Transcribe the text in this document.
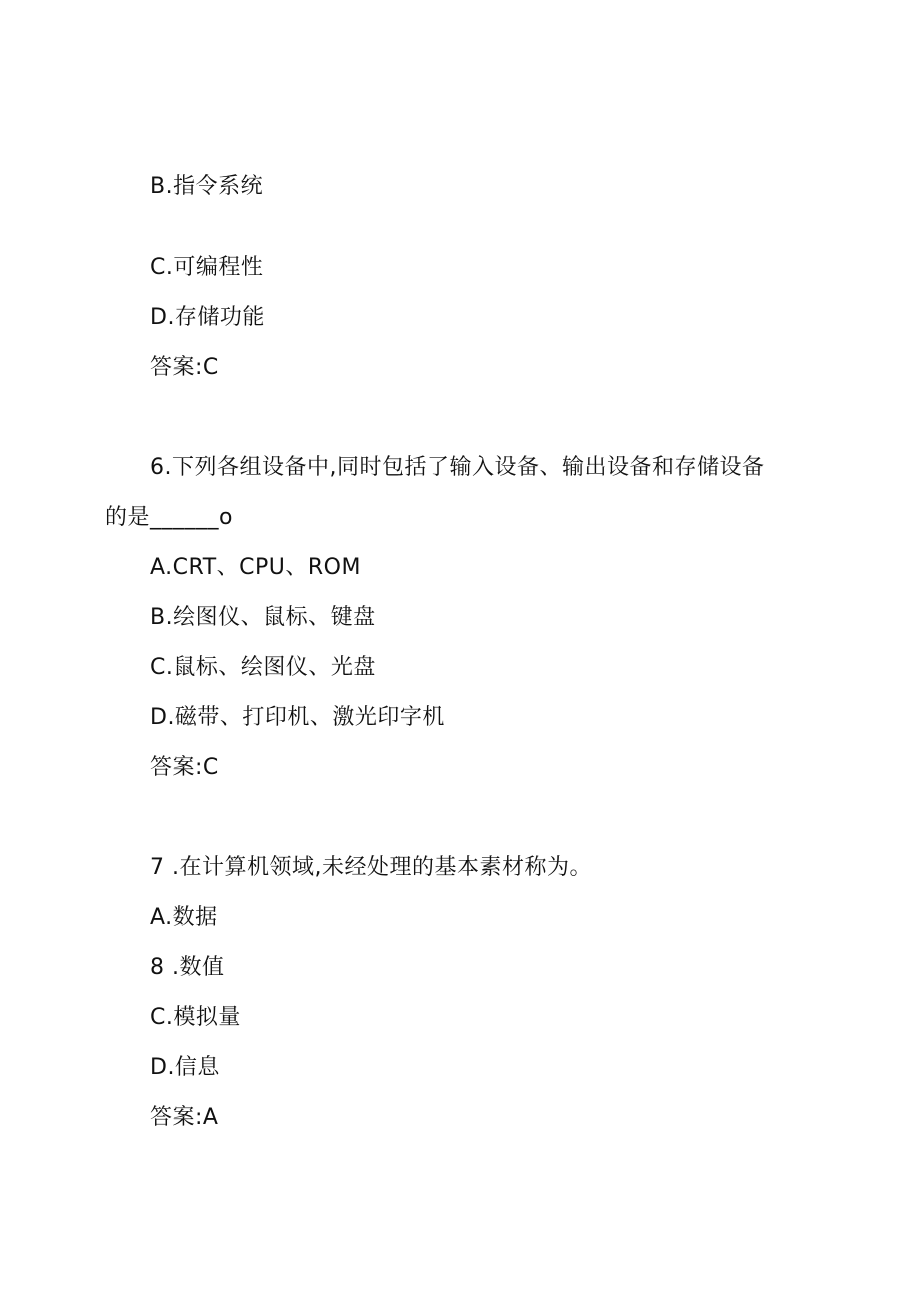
B.指令系统
C.可编程性
D.存储功能
答案:C
6.下列各组设备中,同时包括了输入设备、输出设备和存储设备
的是______o
A.CRT、CPU、ROM
B.绘图仪、鼠标、键盘
C.鼠标、绘图仪、光盘
D.磁带、打印机、激光印字机
答案:C
7 .在计算机领域,未经处理的基本素材称为。
A.数据
8 .数值
C.模拟量
D.信息
答案:A
